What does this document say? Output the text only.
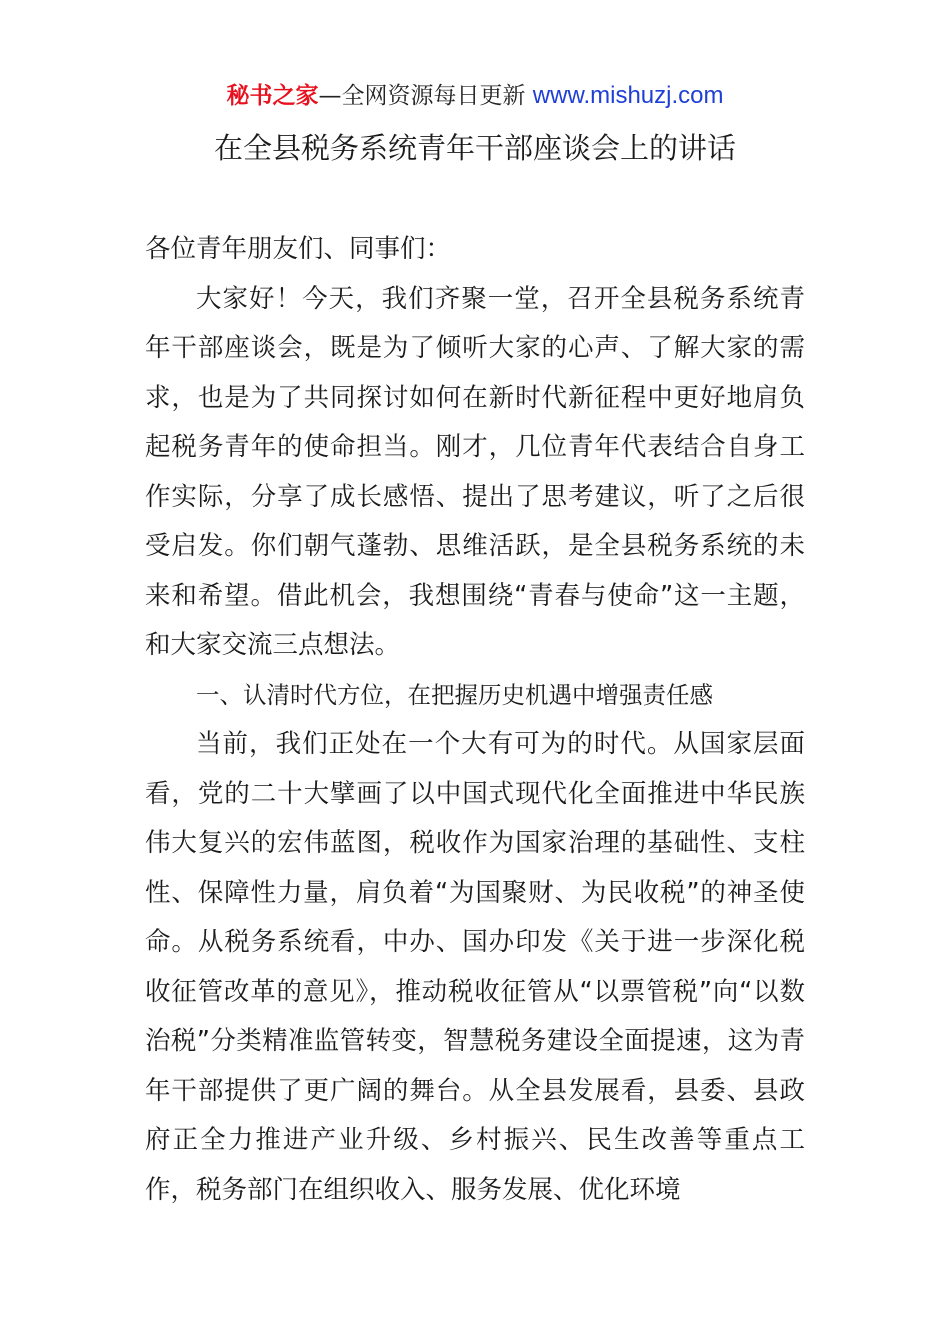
秘书之家—全网资源每日更新 www.mishuzj.com
在全县税务系统青年干部座谈会上的讲话

各位青年朋友们、同事们：

大家好！今天，我们齐聚一堂，召开全县税务系统青年干部座谈会，既是为了倾听大家的心声、了解大家的需求，也是为了共同探讨如何在新时代新征程中更好地肩负起税务青年的使命担当。刚才，几位青年代表结合自身工作实际，分享了成长感悟、提出了思考建议，听了之后很受启发。你们朝气蓬勃、思维活跃，是全县税务系统的未来和希望。借此机会，我想围绕“青春与使命”这一主题，和大家交流三点想法。

一、认清时代方位，在把握历史机遇中增强责任感

当前，我们正处在一个大有可为的时代。从国家层面看，党的二十大擘画了以中国式现代化全面推进中华民族伟大复兴的宏伟蓝图，税收作为国家治理的基础性、支柱性、保障性力量，肩负着“为国聚财、为民收税”的神圣使命。从税务系统看，中办、国办印发《关于进一步深化税收征管改革的意见》，推动税收征管从“以票管税”向“以数治税”分类精准监管转变，智慧税务建设全面提速，这为青年干部提供了更广阔的舞台。从全县发展看，县委、县政府正全力推进产业升级、乡村振兴、民生改善等重点工作，税务部门在组织收入、服务发展、优化环境
